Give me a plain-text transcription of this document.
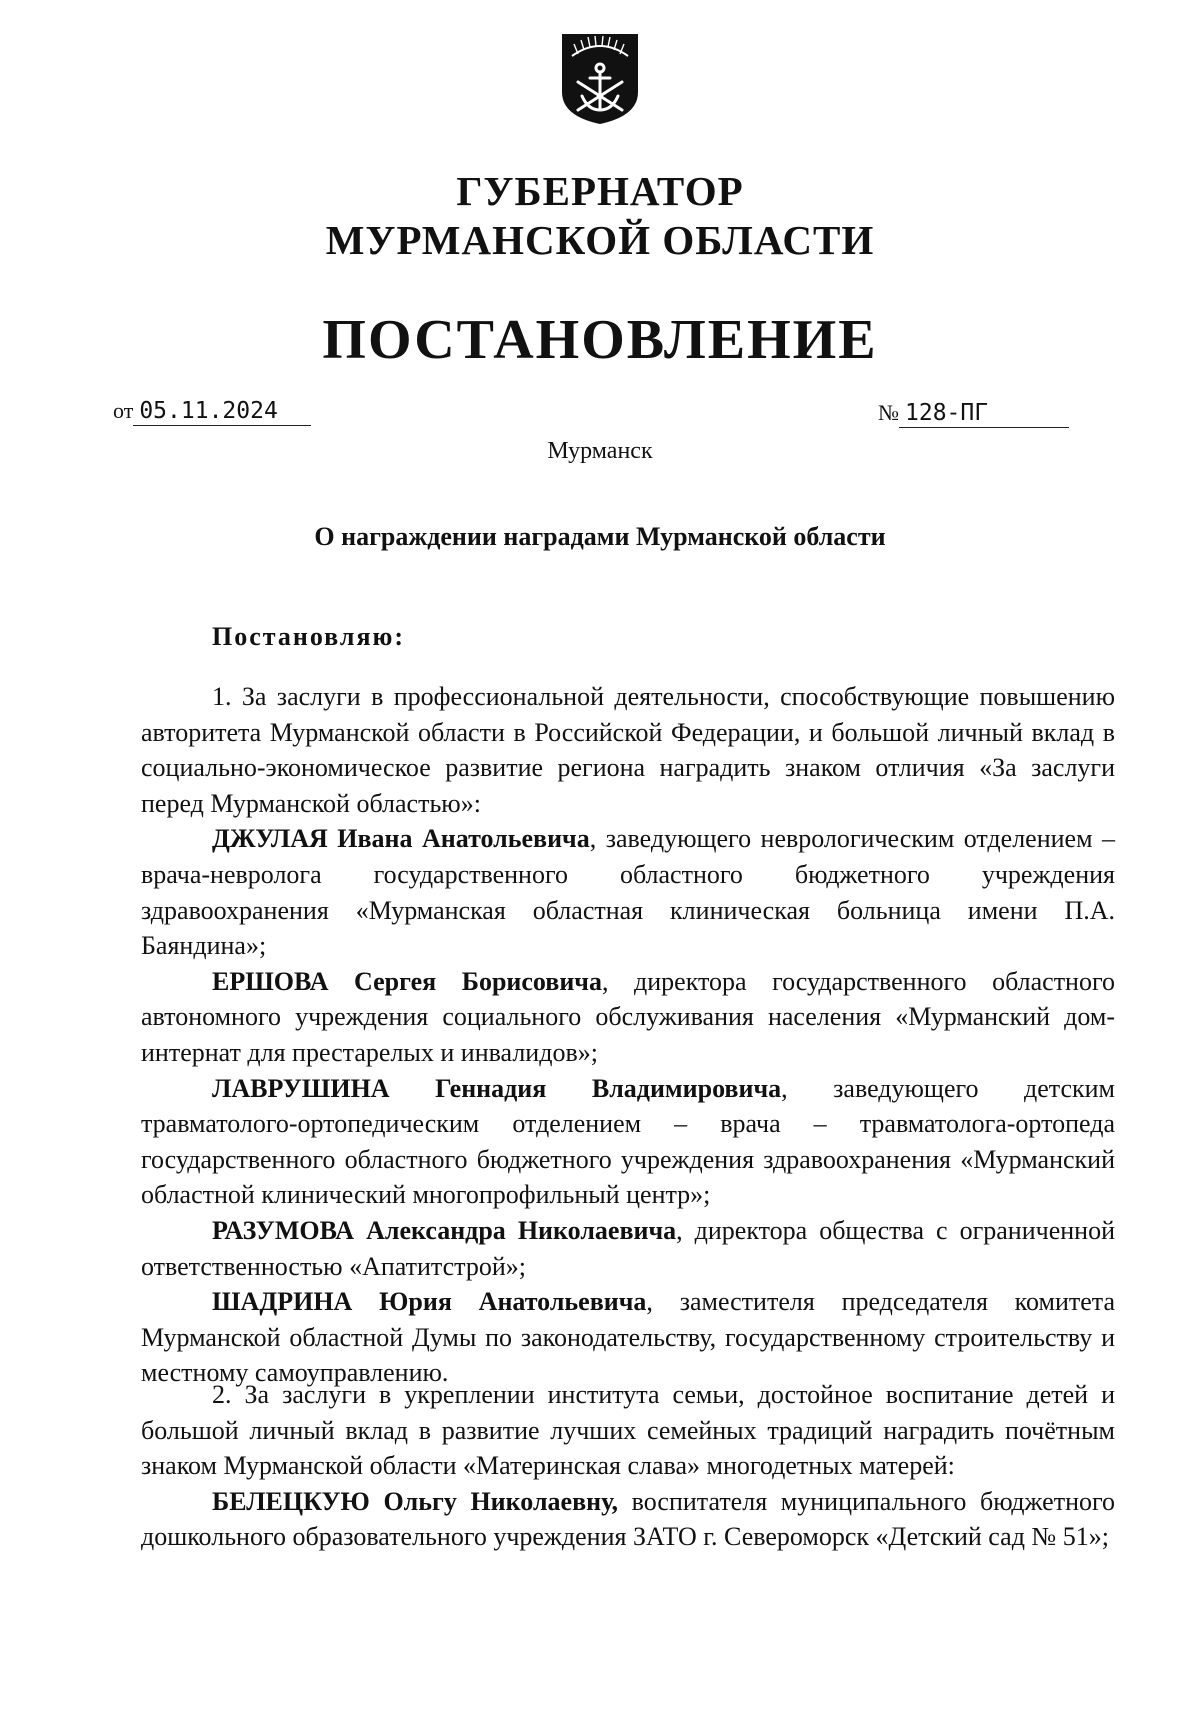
ГУБЕРНАТОР
МУРМАНСКОЙ ОБЛАСТИ
ПОСТАНОВЛЕНИЕ
от 05.11.2024	№ 128-ПГ
Мурманск
О награждении наградами Мурманской области
Постановляю:

1. За заслуги в профессиональной деятельности, способствующие повышению авторитета Мурманской области в Российской Федерации, и большой личный вклад в социально-экономическое развитие региона наградить знаком отличия «За заслуги перед Мурманской областью»:

ДЖУЛАЯ Ивана Анатольевича, заведующего неврологическим отделением – врача-невролога государственного областного бюджетного учреждения здравоохранения «Мурманская областная клиническая больница имени П.А. Баяндина»;

ЕРШОВА Сергея Борисовича, директора государственного областного автономного учреждения социального обслуживания населения «Мурманский дом-интернат для престарелых и инвалидов»;

ЛАВРУШИНА Геннадия Владимировича, заведующего детским травматолого-ортопедическим отделением – врача – травматолога-ортопеда государственного областного бюджетного учреждения здравоохранения «Мурманский областной клинический многопрофильный центр»;

РАЗУМОВА Александра Николаевича, директора общества с ограниченной ответственностью «Апатитстрой»;

ШАДРИНА Юрия Анатольевича, заместителя председателя комитета Мурманской областной Думы по законодательству, государственному строительству и местному самоуправлению.

2. За заслуги в укреплении института семьи, достойное воспитание детей и большой личный вклад в развитие лучших семейных традиций наградить почётным знаком Мурманской области «Материнская слава» многодетных матерей:

БЕЛЕЦКУЮ Ольгу Николаевну, воспитателя муниципального бюджетного дошкольного образовательного учреждения ЗАТО г. Североморск «Детский сад № 51»;
